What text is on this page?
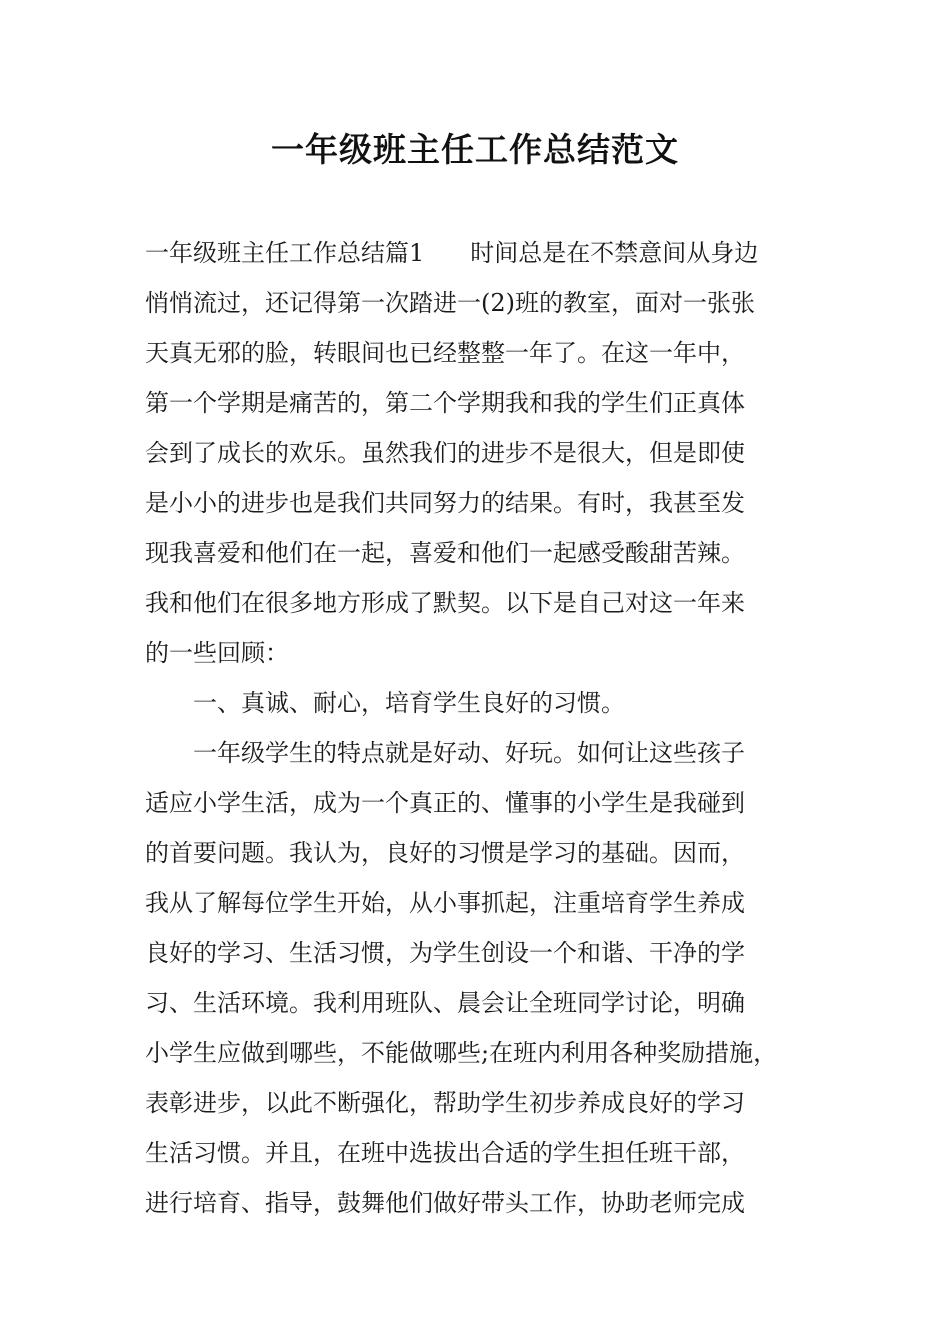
一年级班主任工作总结范文
一年级班主任工作总结篇1 时间总是在不禁意间从身边
悄悄流过，还记得第一次踏进一(2)班的教室，面对一张张
天真无邪的脸，转眼间也已经整整一年了。在这一年中，
第一个学期是痛苦的，第二个学期我和我的学生们正真体
会到了成长的欢乐。虽然我们的进步不是很大，但是即使
是小小的进步也是我们共同努力的结果。有时，我甚至发
现我喜爱和他们在一起，喜爱和他们一起感受酸甜苦辣。
我和他们在很多地方形成了默契。以下是自己对这一年来
的一些回顾：
一、真诚、耐心，培育学生良好的习惯。
一年级学生的特点就是好动、好玩。如何让这些孩子
适应小学生活，成为一个真正的、懂事的小学生是我碰到
的首要问题。我认为，良好的习惯是学习的基础。因而，
我从了解每位学生开始，从小事抓起，注重培育学生养成
良好的学习、生活习惯，为学生创设一个和谐、干净的学
习、生活环境。我利用班队、晨会让全班同学讨论，明确
小学生应做到哪些，不能做哪些;在班内利用各种奖励措施，
表彰进步，以此不断强化，帮助学生初步养成良好的学习
生活习惯。并且，在班中选拔出合适的学生担任班干部，
进行培育、指导，鼓舞他们做好带头工作，协助老师完成
